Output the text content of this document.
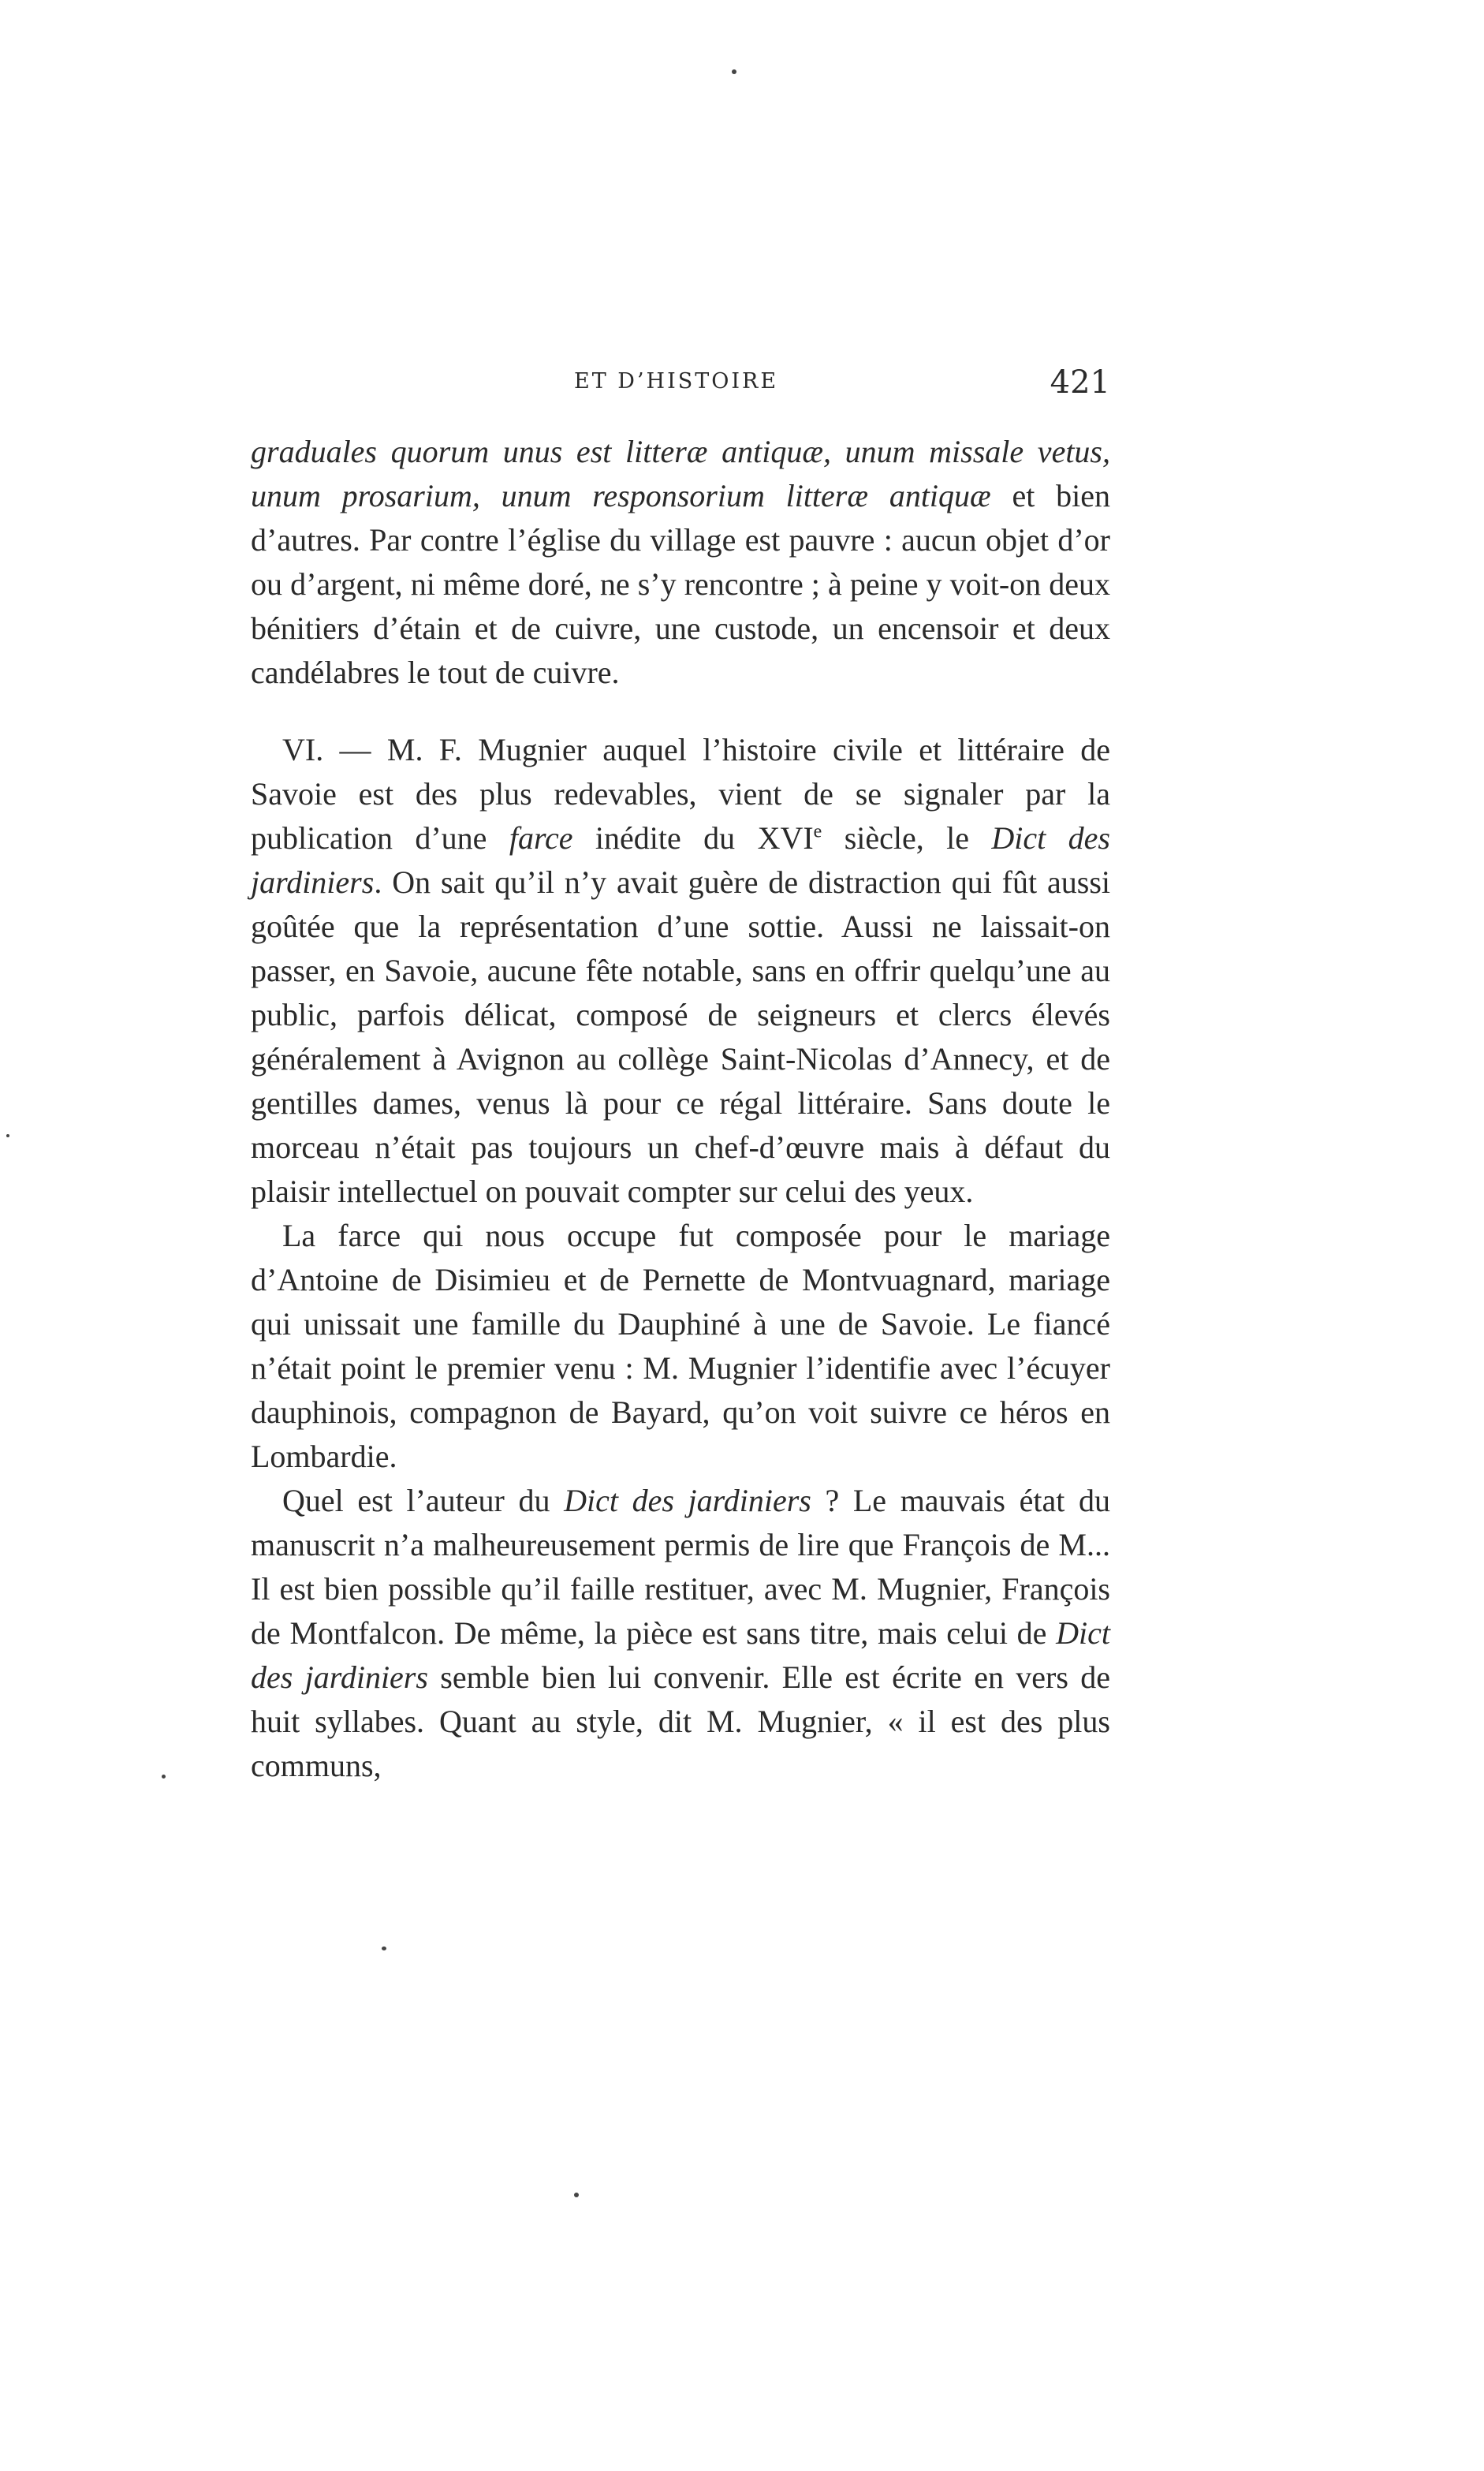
ET D’HISTOIRE	421

graduales quorum unus est litteræ antiquæ, unum missale vetus, unum prosarium, unum responsorium litteræ antiquæ et bien d’autres. Par contre l’église du village est pauvre : aucun objet d’or ou d’argent, ni même doré, ne s’y rencontre ; à peine y voit-on deux bénitiers d’étain et de cuivre, une custode, un encensoir et deux candélabres le tout de cuivre.

VI. — M. F. Mugnier auquel l’histoire civile et littéraire de Savoie est des plus redevables, vient de se signaler par la publication d’une farce inédite du XVIe siècle, le Dict des jardiniers. On sait qu’il n’y avait guère de distraction qui fût aussi goûtée que la représentation d’une sottie. Aussi ne laissait-on passer, en Savoie, aucune fête notable, sans en offrir quelqu’une au public, parfois délicat, composé de seigneurs et clercs élevés généralement à Avignon au collège Saint-Nicolas d’Annecy, et de gentilles dames, venus là pour ce régal littéraire. Sans doute le morceau n’était pas toujours un chef-d’œuvre mais à défaut du plaisir intellectuel on pouvait compter sur celui des yeux.

La farce qui nous occupe fut composée pour le mariage d’Antoine de Disimieu et de Pernette de Montvuagnard, mariage qui unissait une famille du Dauphiné à une de Savoie. Le fiancé n’était point le premier venu : M. Mugnier l’identifie avec l’écuyer dauphinois, compagnon de Bayard, qu’on voit suivre ce héros en Lombardie.

Quel est l’auteur du Dict des jardiniers ? Le mauvais état du manuscrit n’a malheureusement permis de lire que François de M... Il est bien possible qu’il faille restituer, avec M. Mugnier, François de Montfalcon. De même, la pièce est sans titre, mais celui de Dict des jardiniers semble bien lui convenir. Elle est écrite en vers de huit syllabes. Quant au style, dit M. Mugnier, « il est des plus communs,
